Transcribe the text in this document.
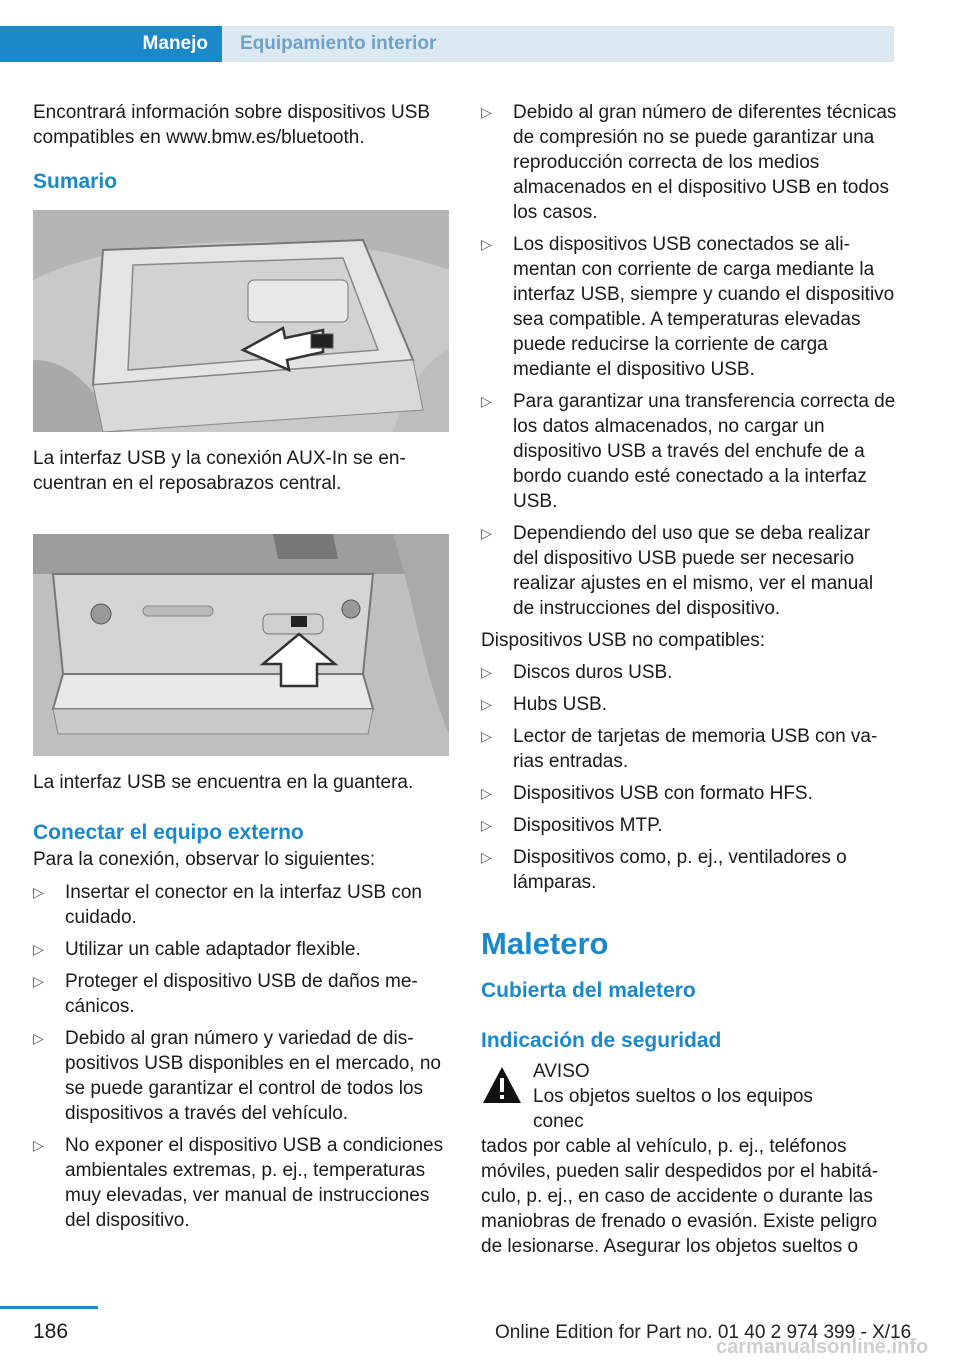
Manejo	Equipamiento interior

Encontrará información sobre dispositivos USB compatibles en www.bmw.es/bluetooth.

Sumario

La interfaz USB y la conexión AUX-In se encuentran en el reposabrazos central.

La interfaz USB se encuentra en la guantera.

Conectar el equipo externo

Para la conexión, observar lo siguientes:

▷ Insertar el conector en la interfaz USB con cuidado.
▷ Utilizar un cable adaptador flexible.
▷ Proteger el dispositivo USB de daños mecánicos.
▷ Debido al gran número y variedad de dispositivos USB disponibles en el mercado, no se puede garantizar el control de todos los dispositivos a través del vehículo.
▷ No exponer el dispositivo USB a condiciones ambientales extremas, p. ej., temperaturas muy elevadas, ver manual de instrucciones del dispositivo.
▷ Debido al gran número de diferentes técnicas de compresión no se puede garantizar una reproducción correcta de los medios almacenados en el dispositivo USB en todos los casos.
▷ Los dispositivos USB conectados se alimentan con corriente de carga mediante la interfaz USB, siempre y cuando el dispositivo sea compatible. A temperaturas elevadas puede reducirse la corriente de carga mediante el dispositivo USB.
▷ Para garantizar una transferencia correcta de los datos almacenados, no cargar un dispositivo USB a través del enchufe de a bordo cuando esté conectado a la interfaz USB.
▷ Dependiendo del uso que se deba realizar del dispositivo USB puede ser necesario realizar ajustes en el mismo, ver el manual de instrucciones del dispositivo.

Dispositivos USB no compatibles:

▷ Discos duros USB.
▷ Hubs USB.
▷ Lector de tarjetas de memoria USB con varias entradas.
▷ Dispositivos USB con formato HFS.
▷ Dispositivos MTP.
▷ Dispositivos como, p. ej., ventiladores o lámparas.
Maletero
Cubierta del maletero
Indicación de seguridad

AVISO

Los objetos sueltos o los equipos conec

tados por cable al vehículo, p. ej., teléfonos móviles, pueden salir despedidos por el habitáculo, p. ej., en caso de accidente o durante las maniobras de frenado o evasión. Existe peligro de lesionarse. Asegurar los objetos sueltos o

186	Online Edition for Part no. 01 40 2 974 399 - X/16
carmanualsonline.info
